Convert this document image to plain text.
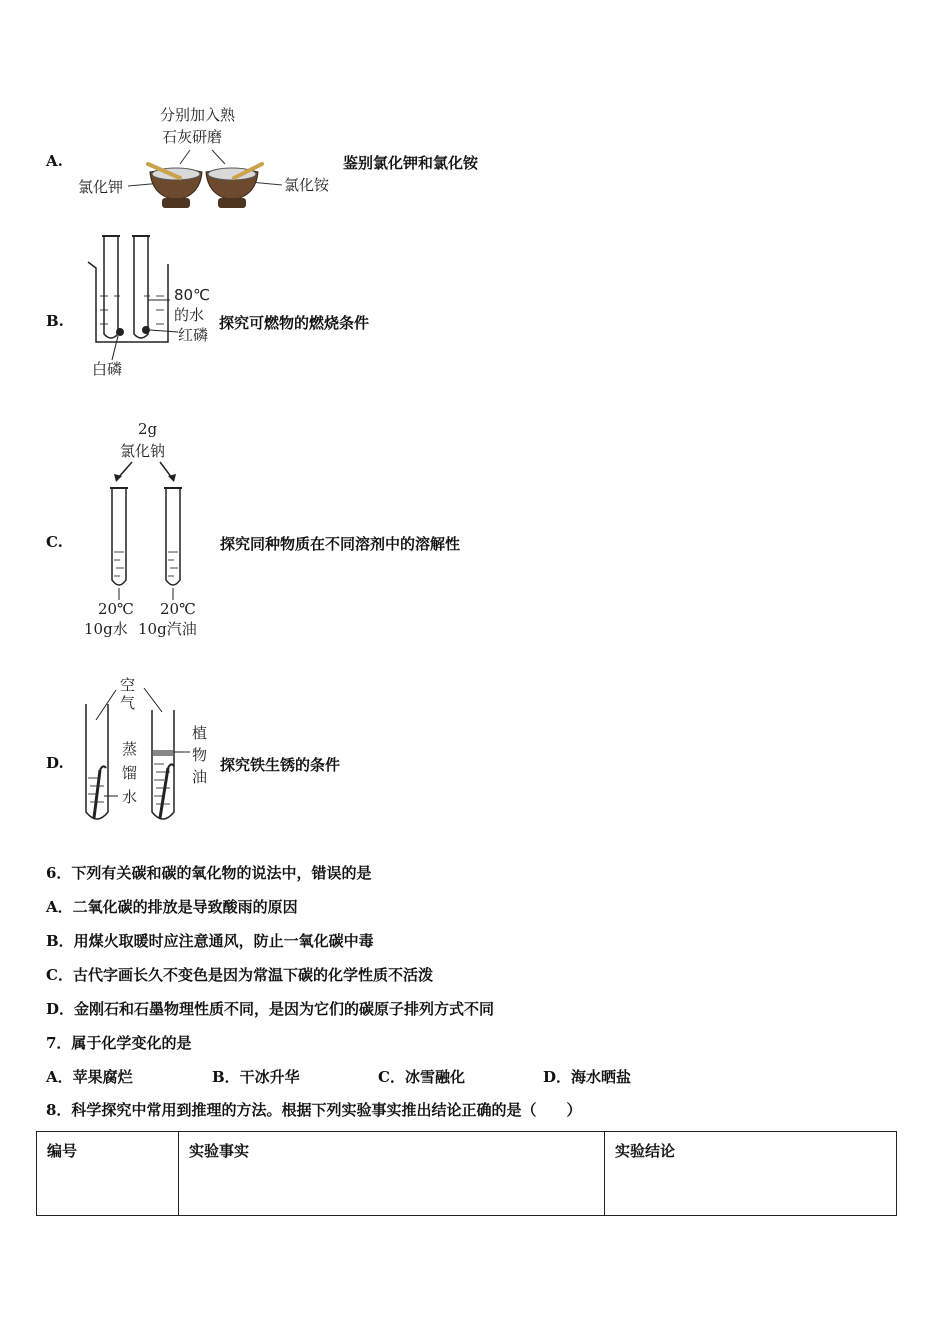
A.
分别加入熟
石灰研磨
氯化钾	氯化铵
鉴别氯化钾和氯化铵
B.
80℃
的水
红磷
白磷
探究可燃物的燃烧条件
C.
2g
氯化钠
20℃
10g水
20℃
10g汽油
探究同种物质在不同溶剂中的溶解性
D.
空
气
蒸
馏
水
植
物
油
探究铁生锈的条件
6．下列有关碳和碳的氧化物的说法中，错误的是
A．二氧化碳的排放是导致酸雨的原因
B．用煤火取暖时应注意通风，防止一氧化碳中毒
C．古代字画长久不变色是因为常温下碳的化学性质不活泼
D．金刚石和石墨物理性质不同，是因为它们的碳原子排列方式不同
7．属于化学变化的是
A．苹果腐烂	B．干冰升华	C．冰雪融化	D．海水晒盐
8．科学探究中常用到推理的方法。根据下列实验事实推出结论正确的是（　　）
编号	实验事实	实验结论
